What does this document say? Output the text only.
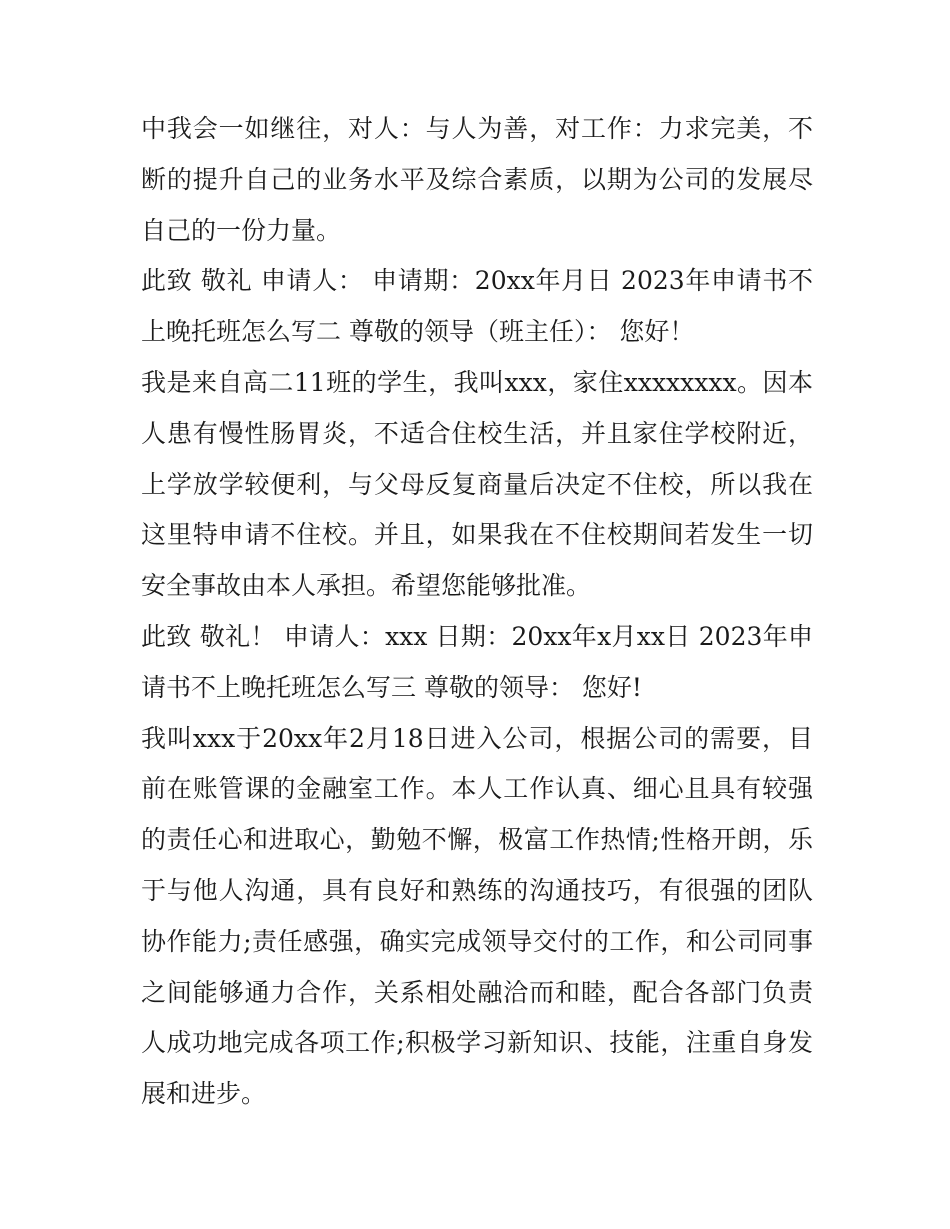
中我会一如继往，对人：与人为善，对工作：力求完美，不断的提升自己的业务水平及综合素质，以期为公司的发展尽自己的一份力量。

此致 敬礼 申请人： 申请期：20xx年月日 2023年申请书不上晚托班怎么写二 尊敬的领导（班主任）： 您好！

我是来自高二11班的学生，我叫xxx，家住xxxxxxxx。因本人患有慢性肠胃炎，不适合住校生活，并且家住学校附近，上学放学较便利，与父母反复商量后决定不住校，所以我在这里特申请不住校。并且，如果我在不住校期间若发生一切安全事故由本人承担。希望您能够批准。

此致 敬礼！ 申请人：xxx 日期：20xx年x月xx日 2023年申请书不上晚托班怎么写三 尊敬的领导： 您好!

我叫xxx于20xx年2月18日进入公司，根据公司的需要，目前在账管课的金融室工作。本人工作认真、细心且具有较强的责任心和进取心，勤勉不懈，极富工作热情;性格开朗，乐于与他人沟通，具有良好和熟练的沟通技巧，有很强的团队协作能力;责任感强，确实完成领导交付的工作，和公司同事之间能够通力合作，关系相处融洽而和睦，配合各部门负责人成功地完成各项工作;积极学习新知识、技能，注重自身发展和进步。
